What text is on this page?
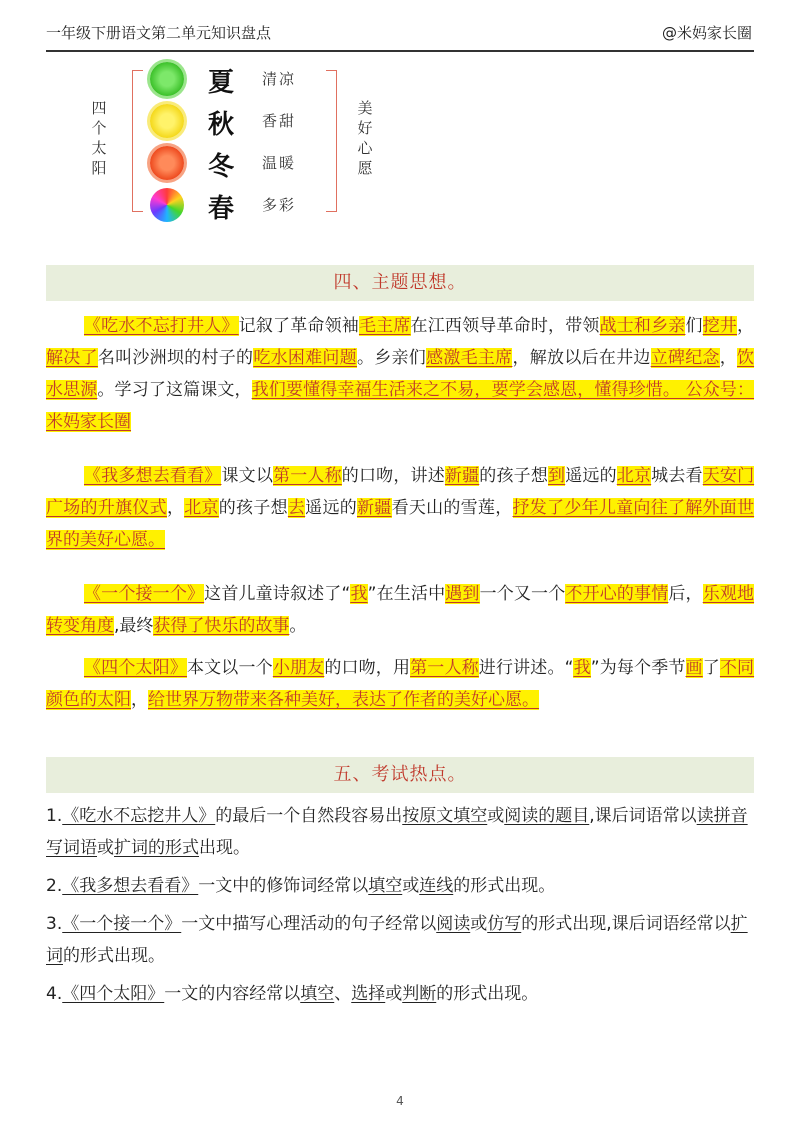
一年级下册语文第二单元知识盘点	@米妈家长圈
四
个
太
阳
夏
秋
冬
春
清凉
香甜
温暖
多彩
美
好
心
愿
四、主题思想。

《吃水不忘打井人》记叙了革命领袖毛主席在江西领导革命时，带领战士和乡亲们挖井，解决了名叫沙洲坝的村子的吃水困难问题。乡亲们感激毛主席，解放以后在井边立碑纪念，饮水思源。学习了这篇课文，我们要懂得幸福生活来之不易，要学会感恩，懂得珍惜。 公众号：米妈家长圈

《我多想去看看》课文以第一人称的口吻，讲述新疆的孩子想到遥远的北京城去看天安门广场的升旗仪式，北京的孩子想去遥远的新疆看天山的雪莲，抒发了少年儿童向往了解外面世界的美好心愿。

《一个接一个》这首儿童诗叙述了“我”在生活中遇到一个又一个不开心的事情后，乐观地转变角度,最终获得了快乐的故事。

《四个太阳》本文以一个小朋友的口吻，用第一人称进行讲述。“我”为每个季节画了不同颜色的太阳，给世界万物带来各种美好，表达了作者的美好心愿。

五、考试热点。

1.《吃水不忘挖井人》的最后一个自然段容易出按原文填空或阅读的题目,课后词语常以读拼音写词语或扩词的形式出现。

2.《我多想去看看》一文中的修饰词经常以填空或连线的形式出现。

3.《一个接一个》一文中描写心理活动的句子经常以阅读或仿写的形式出现,课后词语经常以扩词的形式出现。

4.《四个太阳》一文的内容经常以填空、选择或判断的形式出现。

4
